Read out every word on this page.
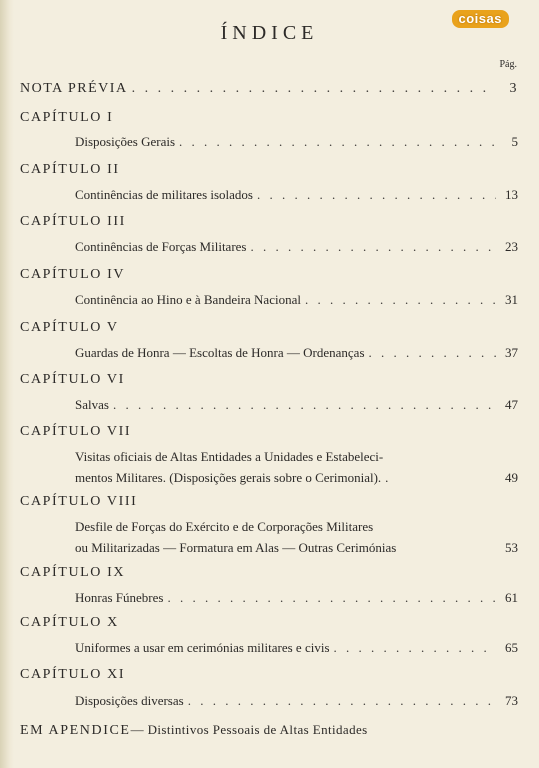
coisas
ÍNDICE
Pág.
NOTA PRÉVIA . . .	3
CAPÍTULO I
Disposições Gerais . . .	5
CAPÍTULO II
Continências de militares isolados . . .	13
CAPÍTULO III
Continências de Forças Militares . . .	23
CAPÍTULO IV
Continência ao Hino e à Bandeira Nacional . . .	31
CAPÍTULO V
Guardas de Honra — Escoltas de Honra — Ordenanças . . .	37
CAPÍTULO VI
Salvas . . .	47
CAPÍTULO VII
Visitas oficiais de Altas Entidades a Unidades e Estabeleci-
mentos Militares. (Disposições gerais sobre o Cerimonial). .	49
CAPÍTULO VIII
Desfile de Forças do Exército e de Corporações Militares
ou Militarizadas — Formatura em Alas — Outras Cerimónias	53
CAPÍTULO IX
Honras Fúnebres . . .	61
CAPÍTULO X
Uniformes a usar em cerimónias militares e civis . . .	65
CAPÍTULO XI
Disposições diversas . . .	73
EM APENDICE— Distintivos Pessoais de Altas Entidades
